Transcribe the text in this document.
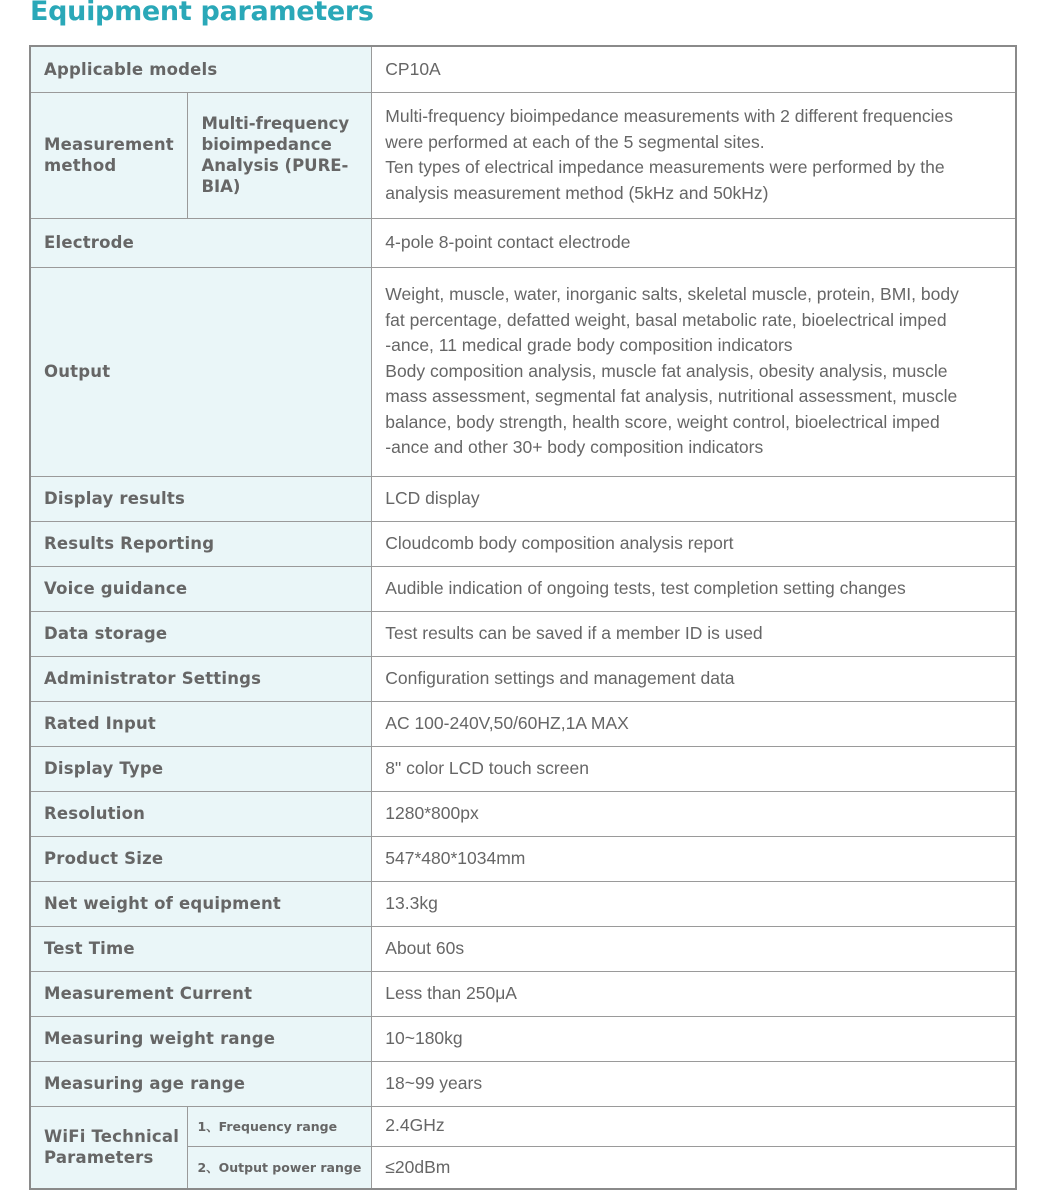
Equipment parameters
Applicable models		CP10A
Measurement method	Multi-frequency bioimpedance Analysis (PURE-BIA)	Multi-frequency bioimpedance measurements with 2 different frequencies
were performed at each of the 5 segmental sites.
Ten types of electrical impedance measurements were performed by the
analysis measurement method (5kHz and 50kHz)

Electrode		4-pole 8-point contact electrode
Output	
Weight, muscle, water, inorganic salts, skeletal muscle, protein, BMI, body
fat percentage, defatted weight, basal metabolic rate, bioelectrical imped
-ance, 11 medical grade body composition indicators
Body composition analysis, muscle fat analysis, obesity analysis, muscle
mass assessment, segmental fat analysis, nutritional assessment, muscle
balance, body strength, health score, weight control, bioelectrical imped
-ance and other 30+ body composition indicators

Display results		LCD display
Results Reporting		Cloudcomb body composition analysis report
Voice guidance		Audible indication of ongoing tests, test completion setting changes
Data storage		Test results can be saved if a member ID is used
Administrator Settings		Configuration settings and management data
Rated Input		AC 100-240V,50/60HZ,1A MAX
Display Type		8" color LCD touch screen
Resolution		1280*800px
Product Size		547*480*1034mm
Net weight of equipment		13.3kg
Test Time		About 60s
Measurement Current		Less than 250μA
Measuring weight range		10~180kg
Measuring age range		18~99 years
WiFi Technical Parameters	1、Frequency range	2.4GHz
	2、Output power range	≤20dBm
